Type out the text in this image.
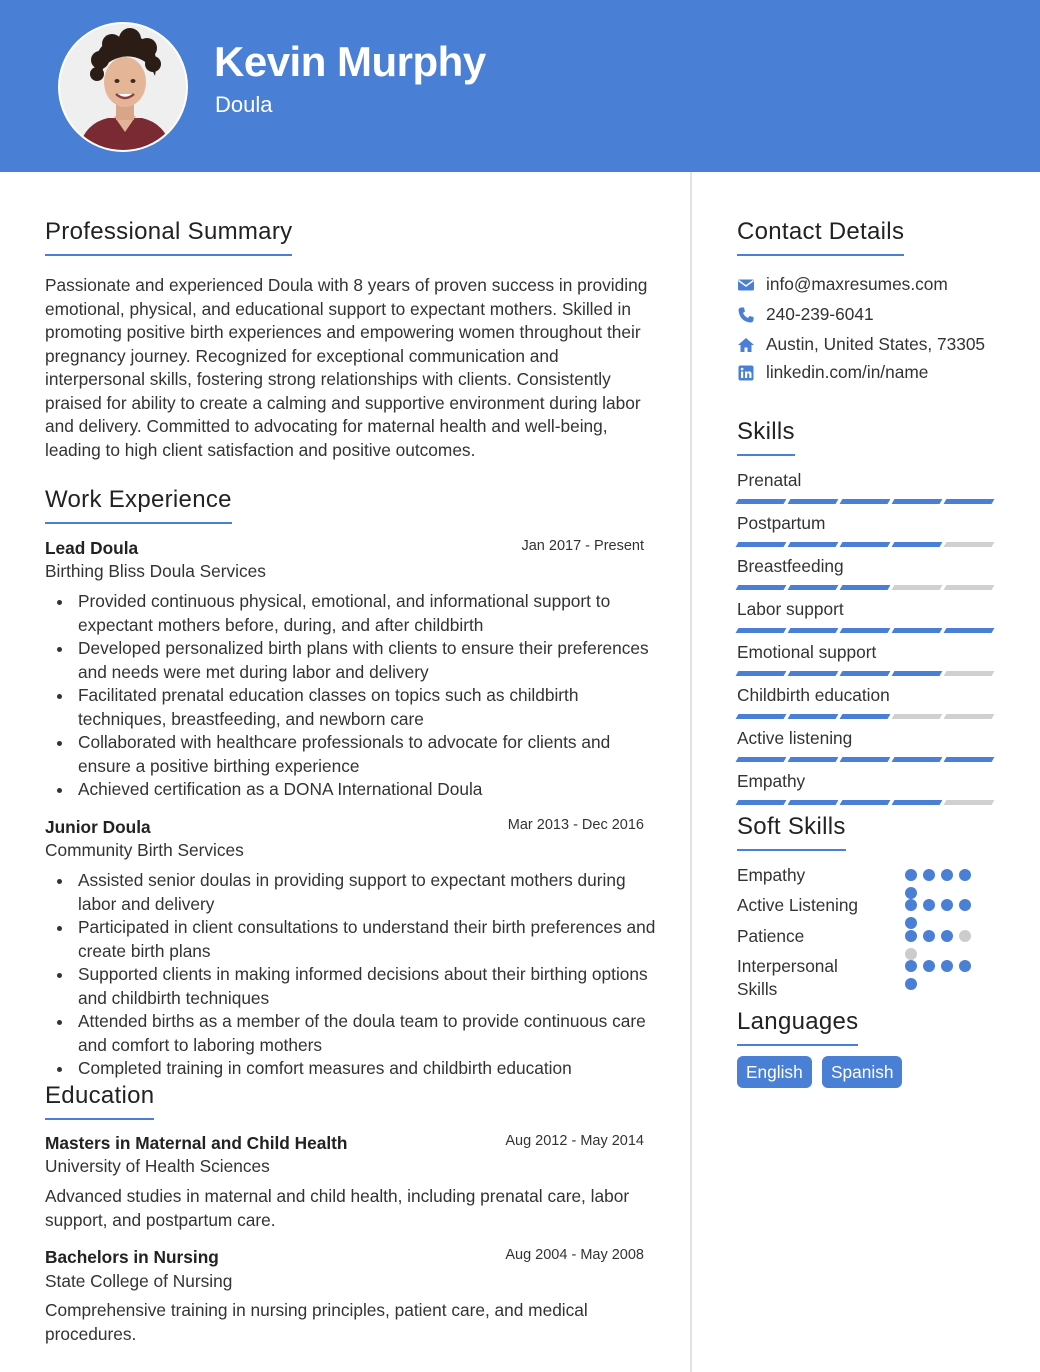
Kevin Murphy
Doula
Professional Summary
Passionate and experienced Doula with 8 years of proven success in providing emotional, physical, and educational support to expectant mothers. Skilled in promoting positive birth experiences and empowering women throughout their pregnancy journey. Recognized for exceptional communication and interpersonal skills, fostering strong relationships with clients. Consistently praised for ability to create a calming and supportive environment during labor and delivery. Committed to advocating for maternal health and well-being, leading to high client satisfaction and positive outcomes.
Work Experience
Lead Doula	Jan 2017 - Present
Birthing Bliss Doula Services
Provided continuous physical, emotional, and informational support to expectant mothers before, during, and after childbirth
Developed personalized birth plans with clients to ensure their preferences and needs were met during labor and delivery
Facilitated prenatal education classes on topics such as childbirth techniques, breastfeeding, and newborn care
Collaborated with healthcare professionals to advocate for clients and ensure a positive birthing experience
Achieved certification as a DONA International Doula
Junior Doula	Mar 2013 - Dec 2016
Community Birth Services
Assisted senior doulas in providing support to expectant mothers during labor and delivery
Participated in client consultations to understand their birth preferences and create birth plans
Supported clients in making informed decisions about their birthing options and childbirth techniques
Attended births as a member of the doula team to provide continuous care and comfort to laboring mothers
Completed training in comfort measures and childbirth education
Education
Masters in Maternal and Child Health	Aug 2012 - May 2014
University of Health Sciences
Advanced studies in maternal and child health, including prenatal care, labor support, and postpartum care.
Bachelors in Nursing	Aug 2004 - May 2008
State College of Nursing
Comprehensive training in nursing principles, patient care, and medical procedures.
Contact Details
info@maxresumes.com
240-239-6041
Austin, United States, 73305
linkedin.com/in/name
Skills
Prenatal
Postpartum
Breastfeeding
Labor support
Emotional support
Childbirth education
Active listening
Empathy
Soft Skills
Empathy
Active Listening
Patience
Interpersonal Skills
Languages
English	Spanish
